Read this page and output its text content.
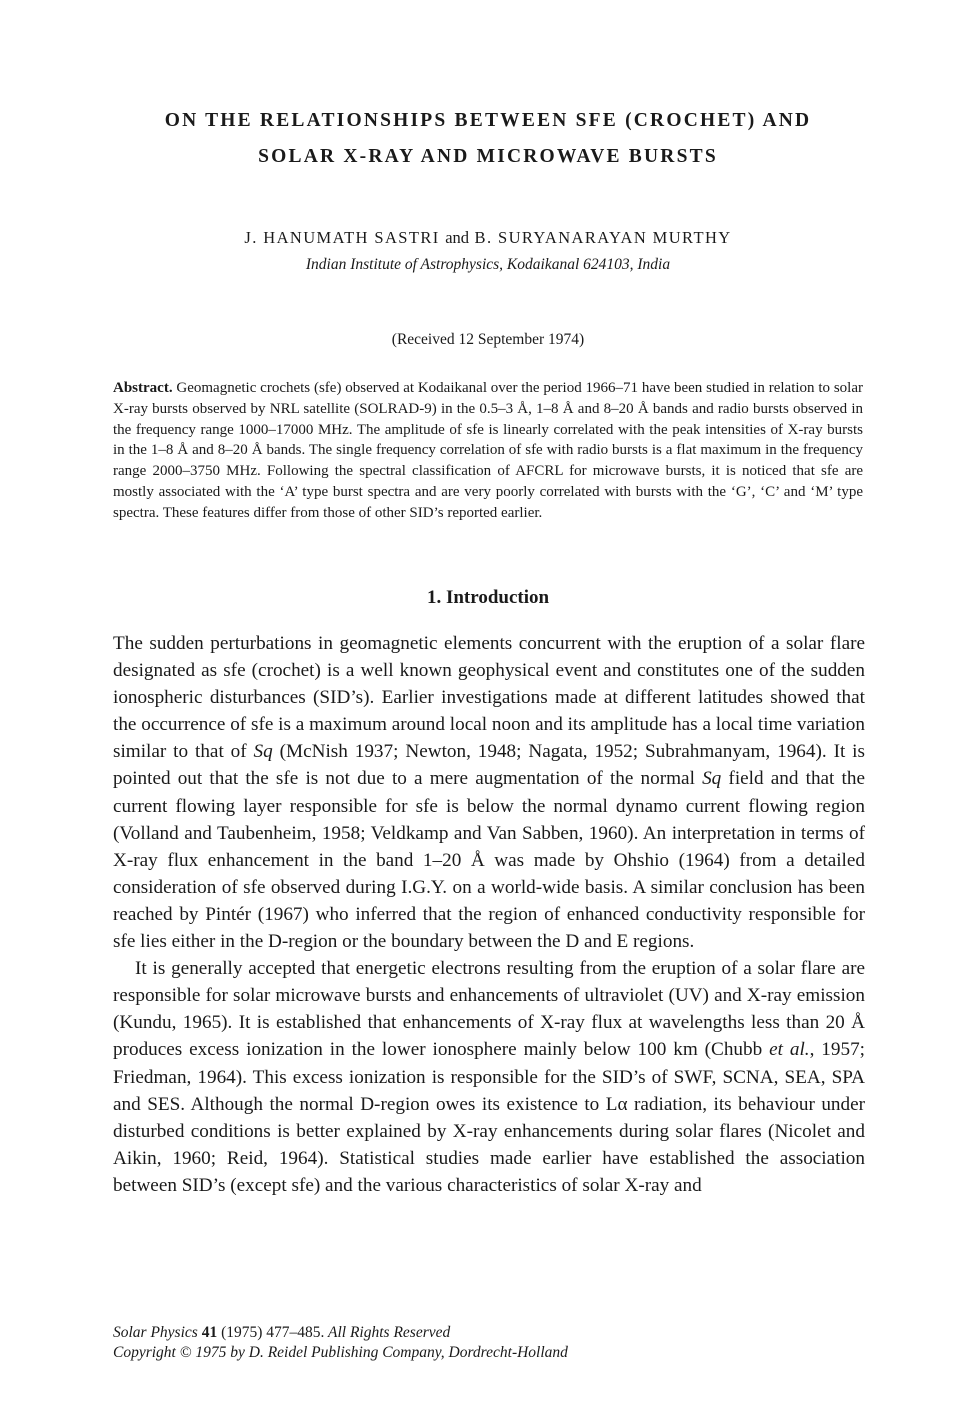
ON THE RELATIONSHIPS BETWEEN SFE (CROCHET) AND
SOLAR X-RAY AND MICROWAVE BURSTS
J. HANUMATH SASTRI and B. SURYANARAYAN MURTHY
Indian Institute of Astrophysics, Kodaikanal 624103, India
(Received 12 September 1974)

Abstract. Geomagnetic crochets (sfe) observed at Kodaikanal over the period 1966–71 have been studied in relation to solar X-ray bursts observed by NRL satellite (SOLRAD-9) in the 0.5–3 Å, 1–8 Å and 8–20 Å bands and radio bursts observed in the frequency range 1000–17000 MHz. The amplitude of sfe is linearly correlated with the peak intensities of X-ray bursts in the 1–8 Å and 8–20 Å bands. The single frequency correlation of sfe with radio bursts is a flat maximum in the frequency range 2000–3750 MHz. Following the spectral classification of AFCRL for microwave bursts, it is noticed that sfe are mostly associated with the ‘A’ type burst spectra and are very poorly correlated with bursts with the ‘G’, ‘C’ and ‘M’ type spectra. These features differ from those of other SID’s reported earlier.

1. Introduction

The sudden perturbations in geomagnetic elements concurrent with the eruption of a solar flare designated as sfe (crochet) is a well known geophysical event and constitutes one of the sudden ionospheric disturbances (SID’s). Earlier investigations made at different latitudes showed that the occurrence of sfe is a maximum around local noon and its amplitude has a local time variation similar to that of Sq (McNish 1937; Newton, 1948; Nagata, 1952; Subrahmanyam, 1964). It is pointed out that the sfe is not due to a mere augmentation of the normal Sq field and that the current flowing layer responsible for sfe is below the normal dynamo current flowing region (Volland and Taubenheim, 1958; Veldkamp and Van Sabben, 1960). An interpretation in terms of X-ray flux enhancement in the band 1–20 Å was made by Ohshio (1964) from a detailed consideration of sfe observed during I.G.Y. on a world-wide basis. A similar conclusion has been reached by Pintér (1967) who inferred that the region of enhanced conductivity responsible for sfe lies either in the D-region or the boundary between the D and E regions.

It is generally accepted that energetic electrons resulting from the eruption of a solar flare are responsible for solar microwave bursts and enhancements of ultraviolet (UV) and X-ray emission (Kundu, 1965). It is established that enhancements of X-ray flux at wavelengths less than 20 Å produces excess ionization in the lower ionosphere mainly below 100 km (Chubb et al., 1957; Friedman, 1964). This excess ionization is responsible for the SID’s of SWF, SCNA, SEA, SPA and SES. Although the normal D-region owes its existence to Lα radiation, its behaviour under disturbed conditions is better explained by X-ray enhancements during solar flares (Nicolet and Aikin, 1960; Reid, 1964). Statistical studies made earlier have established the association between SID’s (except sfe) and the various characteristics of solar X-ray and

Solar Physics 41 (1975) 477–485. All Rights Reserved
Copyright © 1975 by D. Reidel Publishing Company, Dordrecht-Holland
